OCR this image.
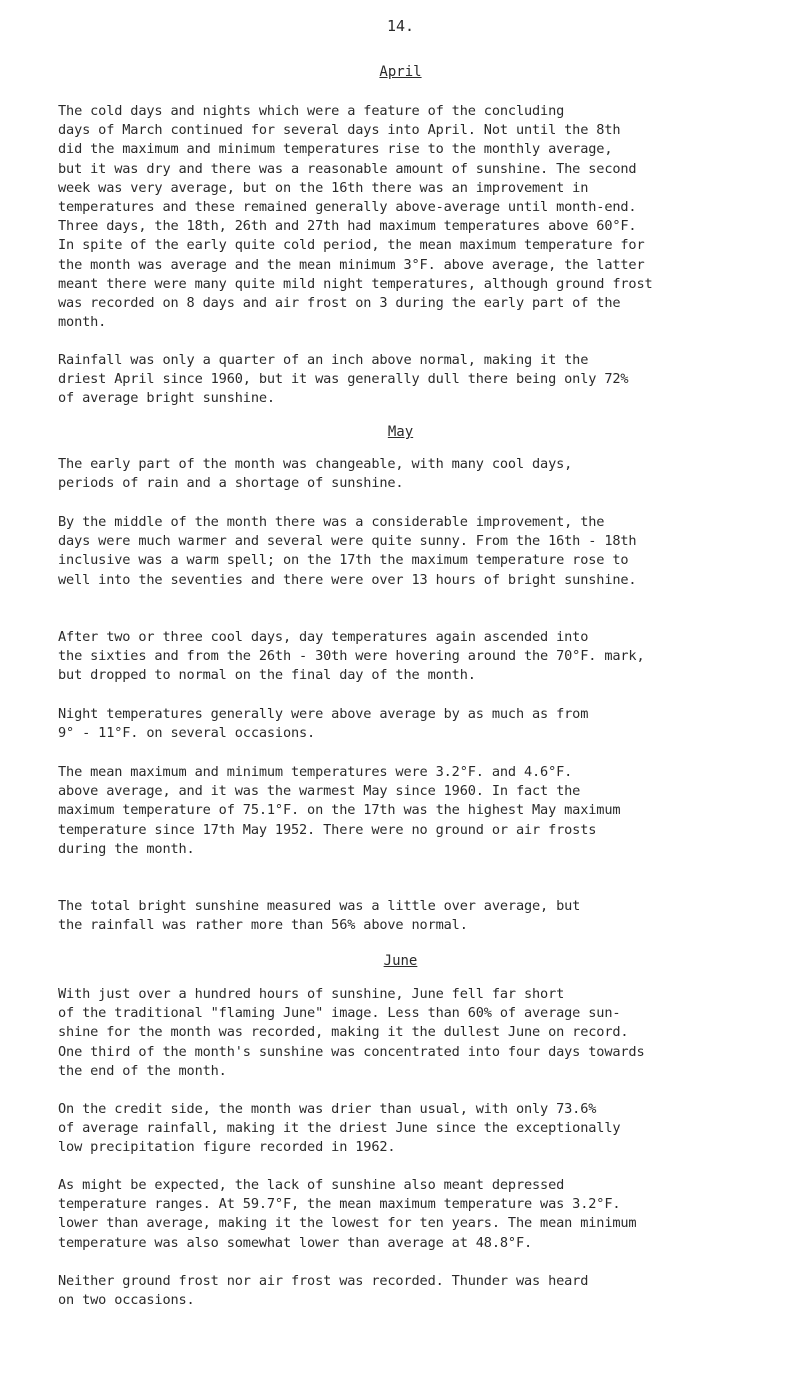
14.
April

The cold days and nights which were a feature of the concluding
days of March continued for several days into April. Not until the 8th
did the maximum and minimum temperatures rise to the monthly average,
but it was dry and there was a reasonable amount of sunshine. The second
week was very average, but on the 16th there was an improvement in
temperatures and these remained generally above-average until month-end.
Three days, the 18th, 26th and 27th had maximum temperatures above 60°F.
In spite of the early quite cold period, the mean maximum temperature for
the month was average and the mean minimum 3°F. above average, the latter
meant there were many quite mild night temperatures, although ground frost
was recorded on 8 days and air frost on 3 during the early part of the
month.

Rainfall was only a quarter of an inch above normal, making it the
driest April since 1960, but it was generally dull there being only 72%
of average bright sunshine.

May

The early part of the month was changeable, with many cool days,
periods of rain and a shortage of sunshine.

By the middle of the month there was a considerable improvement, the
days were much warmer and several were quite sunny. From the 16th - 18th
inclusive was a warm spell; on the 17th the maximum temperature rose to
well into the seventies and there were over 13 hours of bright sunshine.

After two or three cool days, day temperatures again ascended into
the sixties and from the 26th - 30th were hovering around the 70°F. mark,
but dropped to normal on the final day of the month.

Night temperatures generally were above average by as much as from
9° - 11°F. on several occasions.

The mean maximum and minimum temperatures were 3.2°F. and 4.6°F.
above average, and it was the warmest May since 1960. In fact the
maximum temperature of 75.1°F. on the 17th was the highest May maximum
temperature since 17th May 1952. There were no ground or air frosts
during the month.

The total bright sunshine measured was a little over average, but
the rainfall was rather more than 56% above normal.

June

With just over a hundred hours of sunshine, June fell far short
of the traditional "flaming June" image. Less than 60% of average sun-
shine for the month was recorded, making it the dullest June on record.
One third of the month's sunshine was concentrated into four days towards
the end of the month.

On the credit side, the month was drier than usual, with only 73.6%
of average rainfall, making it the driest June since the exceptionally
low precipitation figure recorded in 1962.

As might be expected, the lack of sunshine also meant depressed
temperature ranges. At 59.7°F, the mean maximum temperature was 3.2°F.
lower than average, making it the lowest for ten years. The mean minimum
temperature was also somewhat lower than average at 48.8°F.

Neither ground frost nor air frost was recorded. Thunder was heard
on two occasions.
